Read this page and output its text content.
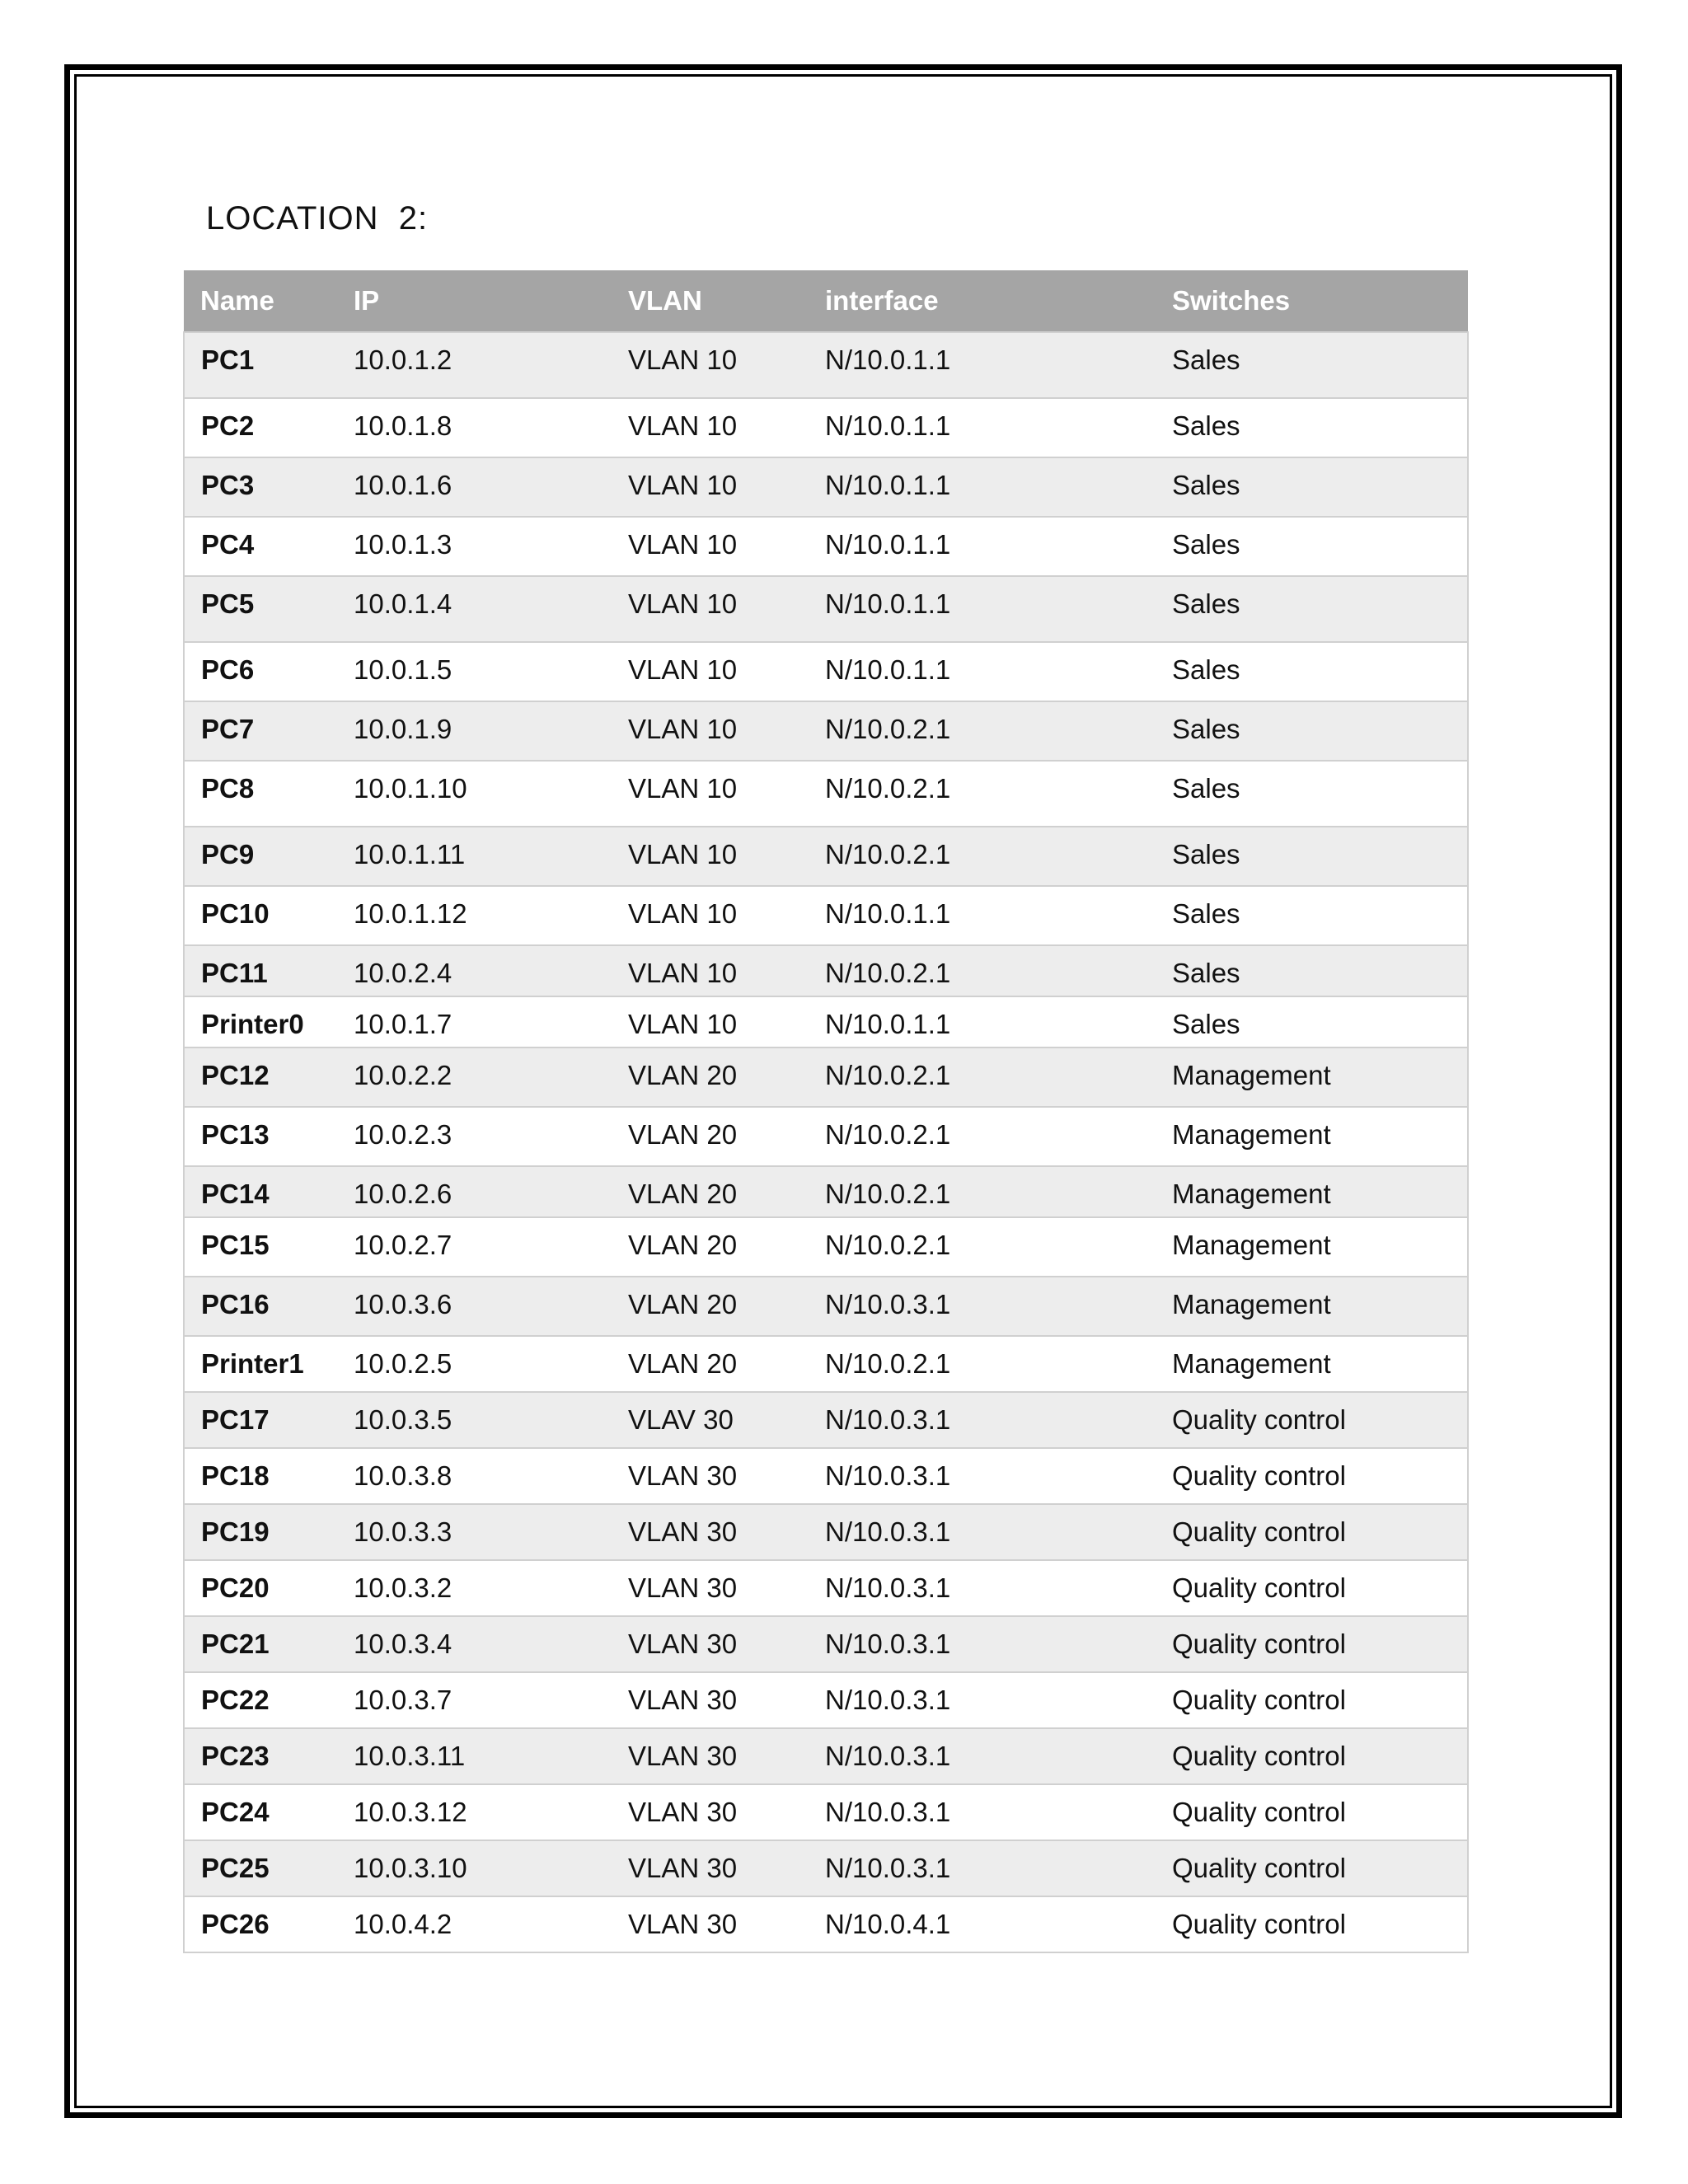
LOCATION  2:
Name	IP	VLAN	interface	Switches
PC1	10.0.1.2	VLAN 10	N/10.0.1.1	Sales
PC2	10.0.1.8	VLAN 10	N/10.0.1.1	Sales
PC3	10.0.1.6	VLAN 10	N/10.0.1.1	Sales
PC4	10.0.1.3	VLAN 10	N/10.0.1.1	Sales
PC5	10.0.1.4	VLAN 10	N/10.0.1.1	Sales
PC6	10.0.1.5	VLAN 10	N/10.0.1.1	Sales
PC7	10.0.1.9	VLAN 10	N/10.0.2.1	Sales
PC8	10.0.1.10	VLAN 10	N/10.0.2.1	Sales
PC9	10.0.1.11	VLAN 10	N/10.0.2.1	Sales
PC10	10.0.1.12	VLAN 10	N/10.0.1.1	Sales
PC11	10.0.2.4	VLAN 10	N/10.0.2.1	Sales
Printer0	10.0.1.7	VLAN 10	N/10.0.1.1	Sales
PC12	10.0.2.2	VLAN 20	N/10.0.2.1	Management
PC13	10.0.2.3	VLAN 20	N/10.0.2.1	Management
PC14	10.0.2.6	VLAN 20	N/10.0.2.1	Management
PC15	10.0.2.7	VLAN 20	N/10.0.2.1	Management
PC16	10.0.3.6	VLAN 20	N/10.0.3.1	Management
Printer1	10.0.2.5	VLAN 20	N/10.0.2.1	Management
PC17	10.0.3.5	VLAV 30	N/10.0.3.1	Quality control
PC18	10.0.3.8	VLAN 30	N/10.0.3.1	Quality control
PC19	10.0.3.3	VLAN 30	N/10.0.3.1	Quality control
PC20	10.0.3.2	VLAN 30	N/10.0.3.1	Quality control
PC21	10.0.3.4	VLAN 30	N/10.0.3.1	Quality control
PC22	10.0.3.7	VLAN 30	N/10.0.3.1	Quality control
PC23	10.0.3.11	VLAN 30	N/10.0.3.1	Quality control
PC24	10.0.3.12	VLAN 30	N/10.0.3.1	Quality control
PC25	10.0.3.10	VLAN 30	N/10.0.3.1	Quality control
PC26	10.0.4.2	VLAN 30	N/10.0.4.1	Quality control
